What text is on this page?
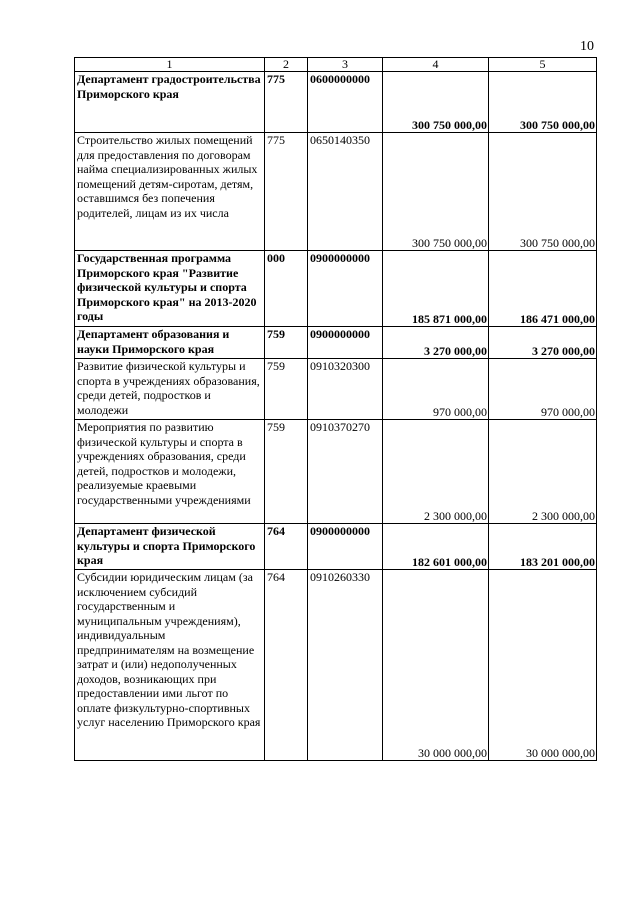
10
1	2	3	4	5
Департамент градостроительства Приморского края	775	0600000000	300 750 000,00	300 750 000,00
Строительство жилых помещений для предоставления по договорам найма специализированных жилых помещений детям-сиротам, детям, оставшимся без попечения родителей, лицам из их числа	775	0650140350	300 750 000,00	300 750 000,00
Государственная программа Приморского края "Развитие физической культуры и спорта Приморского края" на 2013-2020 годы	000	0900000000	185 871 000,00	186 471 000,00
Департамент образования и науки Приморского края	759	0900000000	3 270 000,00	3 270 000,00
Развитие физической культуры и спорта в учреждениях образования, среди детей, подростков и молодежи	759	0910320300	970 000,00	970 000,00
Мероприятия по развитию физической культуры и спорта в учреждениях образования, среди детей, подростков и молодежи, реализуемые краевыми государственными учреждениями	759	0910370270	2 300 000,00	2 300 000,00
Департамент физической культуры и спорта Приморского края	764	0900000000	182 601 000,00	183 201 000,00
Субсидии юридическим лицам (за исключением субсидий государственным и муниципальным учреждениям), индивидуальным предпринимателям на возмещение затрат и (или) недополученных доходов, возникающих при предоставлении ими льгот по оплате физкультурно-спортивных услуг населению Приморского края	764	0910260330	30 000 000,00	30 000 000,00
